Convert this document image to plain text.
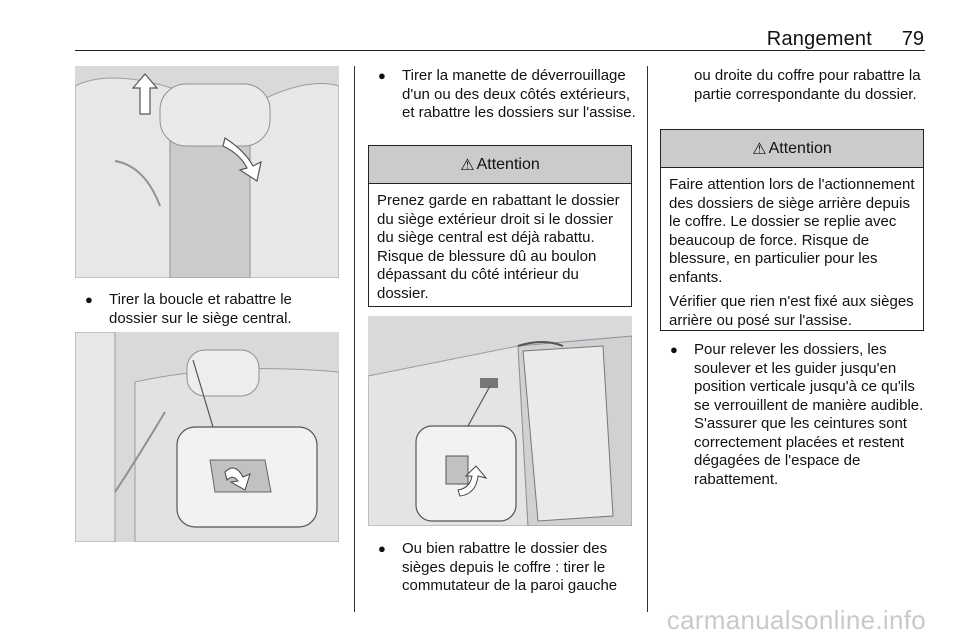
Rangement 79
●	Tirer la boucle et rabattre le dossier sur le siège central.
●	Tirer la manette de déverrouillage d'un ou des deux côtés extérieurs, et rabattre les dossiers sur l'assise.
⚠ Attention

Prenez garde en rabattant le dossier du siège extérieur droit si le dossier du siège central est déjà rabattu. Risque de blessure dû au boulon dépassant du côté intérieur du dossier.

●	Ou bien rabattre le dossier des sièges depuis le coffre : tirer le commutateur de la paroi gauche
ou droite du coffre pour rabattre la partie correspondante du dossier.
⚠ Attention

Faire attention lors de l'actionnement des dossiers de siège arrière depuis le coffre. Le dossier se replie avec beaucoup de force. Risque de blessure, en particulier pour les enfants.

Vérifier que rien n'est fixé aux sièges arrière ou posé sur l'assise.

●	Pour relever les dossiers, les soulever et les guider jusqu'en position verticale jusqu'à ce qu'ils se verrouillent de manière audible. S'assurer que les ceintures sont correctement placées et restent dégagées de l'espace de rabattement.
carmanualsonline.info
